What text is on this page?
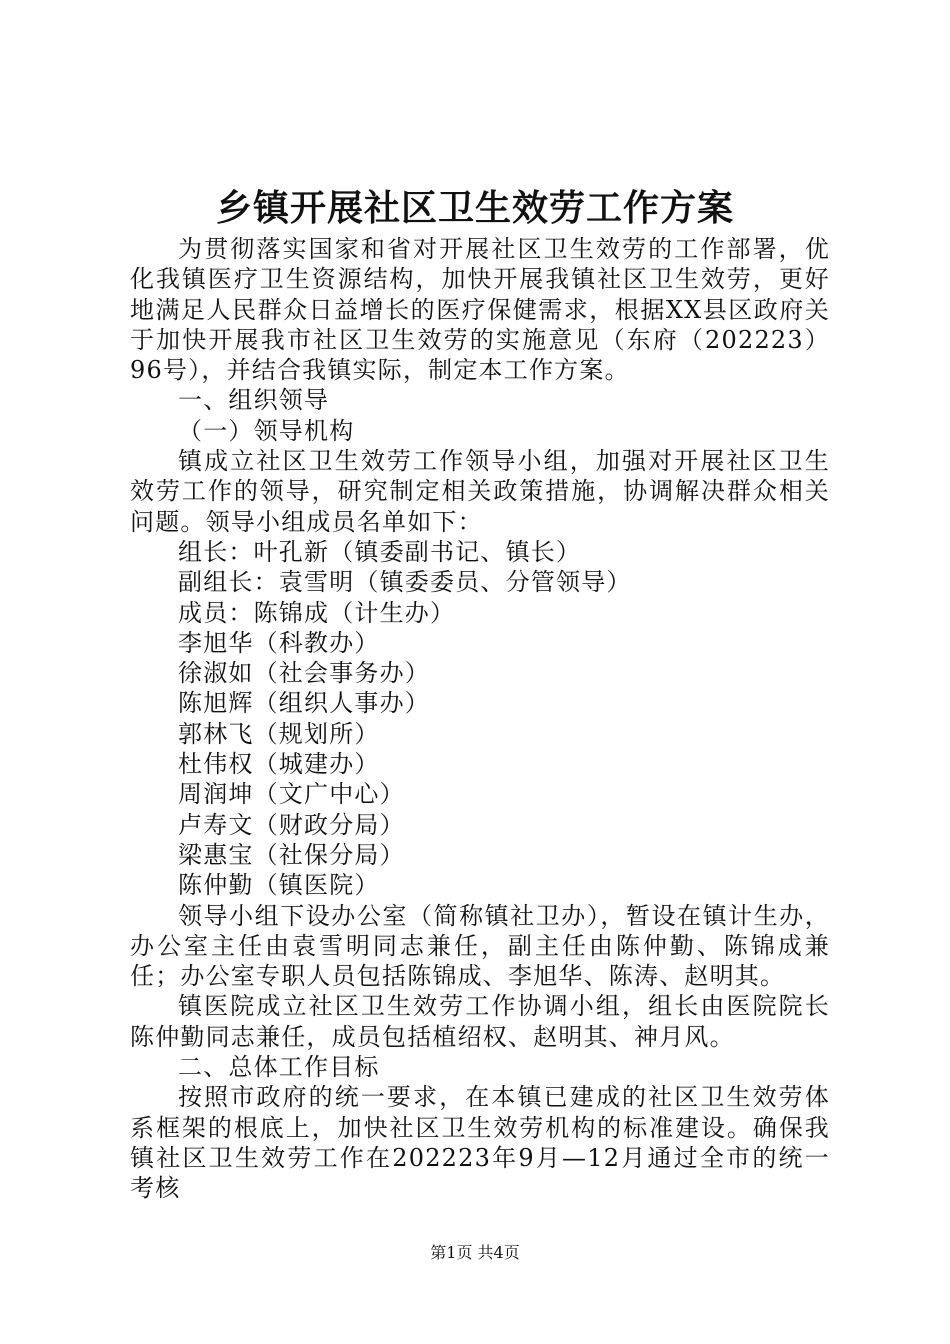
乡镇开展社区卫生效劳工作方案

为贯彻落实国家和省对开展社区卫生效劳的工作部署，优化我镇医疗卫生资源结构，加快开展我镇社区卫生效劳，更好地满足人民群众日益增长的医疗保健需求，根据XX县区政府关于加快开展我市社区卫生效劳的实施意见（东府（202223）96号），并结合我镇实际，制定本工作方案。

一、组织领导

（一）领导机构

镇成立社区卫生效劳工作领导小组，加强对开展社区卫生效劳工作的领导，研究制定相关政策措施，协调解决群众相关问题。领导小组成员名单如下：

组长：叶孔新（镇委副书记、镇长）

副组长：袁雪明（镇委委员、分管领导）

成员：陈锦成（计生办）

李旭华（科教办）

徐淑如（社会事务办）

陈旭辉（组织人事办）

郭林飞（规划所）

杜伟权（城建办）

周润坤（文广中心）

卢寿文（财政分局）

梁惠宝（社保分局）

陈仲勤（镇医院）

领导小组下设办公室（简称镇社卫办），暂设在镇计生办，办公室主任由袁雪明同志兼任，副主任由陈仲勤、陈锦成兼任；办公室专职人员包括陈锦成、李旭华、陈涛、赵明其。

镇医院成立社区卫生效劳工作协调小组，组长由医院院长陈仲勤同志兼任，成员包括植绍权、赵明其、神月风。

二、总体工作目标

按照市政府的统一要求，在本镇已建成的社区卫生效劳体系框架的根底上，加快社区卫生效劳机构的标准建设。确保我镇社区卫生效劳工作在202223年9月—12月通过全市的统一考核

第1页 共4页
